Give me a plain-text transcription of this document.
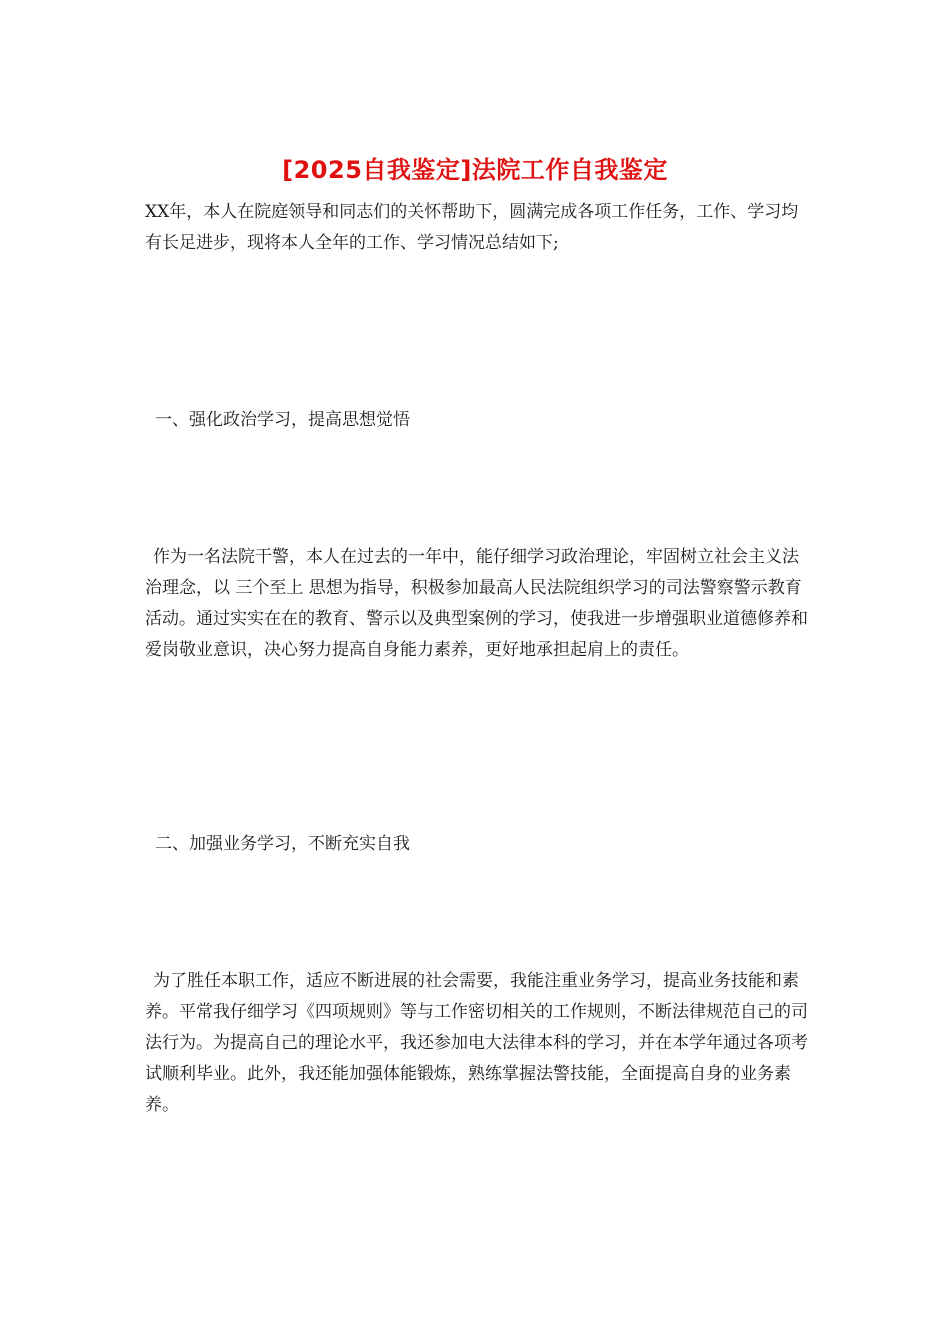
[2025自我鉴定]法院工作自我鉴定

XX年，本人在院庭领导和同志们的关怀帮助下，圆满完成各项工作任务，工作、学习均有长足进步，现将本人全年的工作、学习情况总结如下;

一、强化政治学习，提高思想觉悟

作为一名法院干警，本人在过去的一年中，能仔细学习政治理论，牢固树立社会主义法治理念，以 三个至上 思想为指导，积极参加最高人民法院组织学习的司法警察警示教育活动。通过实实在在的教育、警示以及典型案例的学习，使我进一步增强职业道德修养和爱岗敬业意识，决心努力提高自身能力素养，更好地承担起肩上的责任。

二、加强业务学习，不断充实自我

为了胜任本职工作，适应不断进展的社会需要，我能注重业务学习，提高业务技能和素养。平常我仔细学习《四项规则》等与工作密切相关的工作规则，不断法律规范自己的司法行为。为提高自己的理论水平，我还参加电大法律本科的学习，并在本学年通过各项考试顺利毕业。此外，我还能加强体能锻炼，熟练掌握法警技能，全面提高自身的业务素养。
